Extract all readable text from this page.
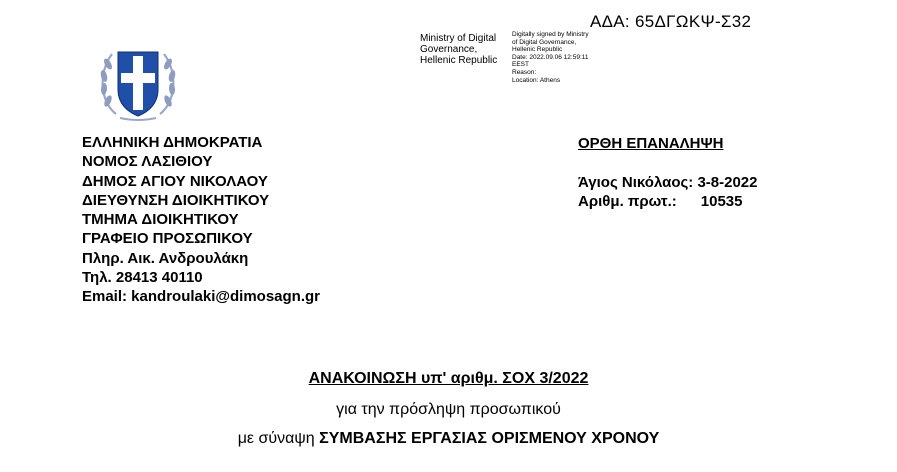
ΑΔΑ: 65ΔΓΩΚΨ-Σ32
Ministry of Digital
Governance,
Hellenic Republic
Digitally signed by Ministry
of Digital Governance,
Hellenic Republic
Date: 2022.09.06 12:59:11
EEST
Reason:
Location: Athens
ΕΛΛΗΝΙΚΗ ΔΗΜΟΚΡΑΤΙΑ
ΝΟΜΟΣ ΛΑΣΙΘΙΟΥ
ΔΗΜΟΣ ΑΓΙΟΥ ΝΙΚΟΛΑΟΥ
ΔΙΕΥΘΥΝΣΗ ΔΙΟΙΚΗΤΙΚΟΥ
ΤΜΗΜΑ ΔΙΟΙΚΗΤΙΚΟΥ
ΓΡΑΦΕΙΟ ΠΡΟΣΩΠΙΚΟΥ
Πληρ. Αικ. Ανδρουλάκη
Τηλ. 28413 40110
Email: kandroulaki@dimosagn.gr
ΟΡΘΗ ΕΠΑΝΑΛΗΨΗ
Άγιος Νικόλαος: 3-8-2022
Αριθμ. πρωτ.: 10535
ΑΝΑΚΟΙΝΩΣΗ υπ' αριθμ. ΣΟΧ 3/2022
για την πρόσληψη προσωπικού
με σύναψη ΣΥΜΒΑΣΗΣ ΕΡΓΑΣΙΑΣ ΟΡΙΣΜΕΝΟΥ ΧΡΟΝΟΥ
